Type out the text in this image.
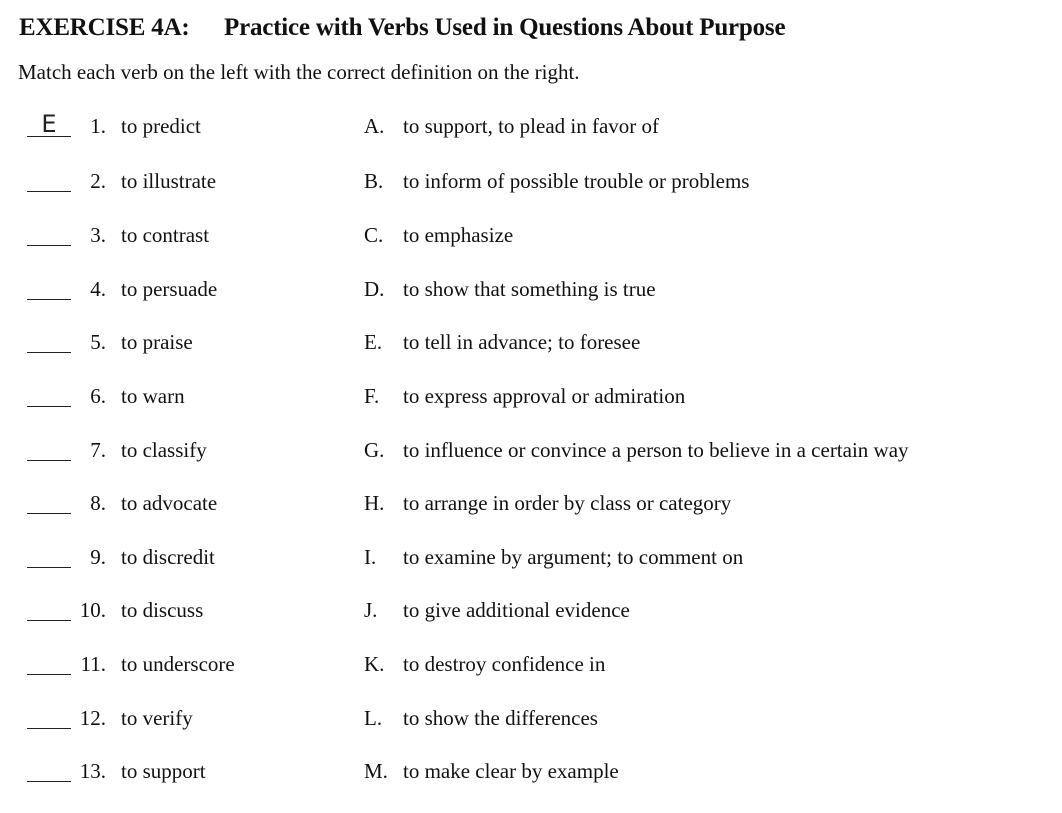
EXERCISE 4A: Practice with Verbs Used in Questions About Purpose
Match each verb on the left with the correct definition on the right.
E	1. to predict	A. to support, to plead in favor of
2. to illustrate	B. to inform of possible trouble or problems
3. to contrast	C. to emphasize
4. to persuade	D. to show that something is true
5. to praise	E. to tell in advance; to foresee
6. to warn	F. to express approval or admiration
7. to classify	G. to influence or convince a person to believe in a certain way
8. to advocate	H. to arrange in order by class or category
9. to discredit	I. to examine by argument; to comment on
10. to discuss	J. to give additional evidence
11. to underscore	K. to destroy confidence in
12. to verify	L. to show the differences
13. to support	M. to make clear by example
